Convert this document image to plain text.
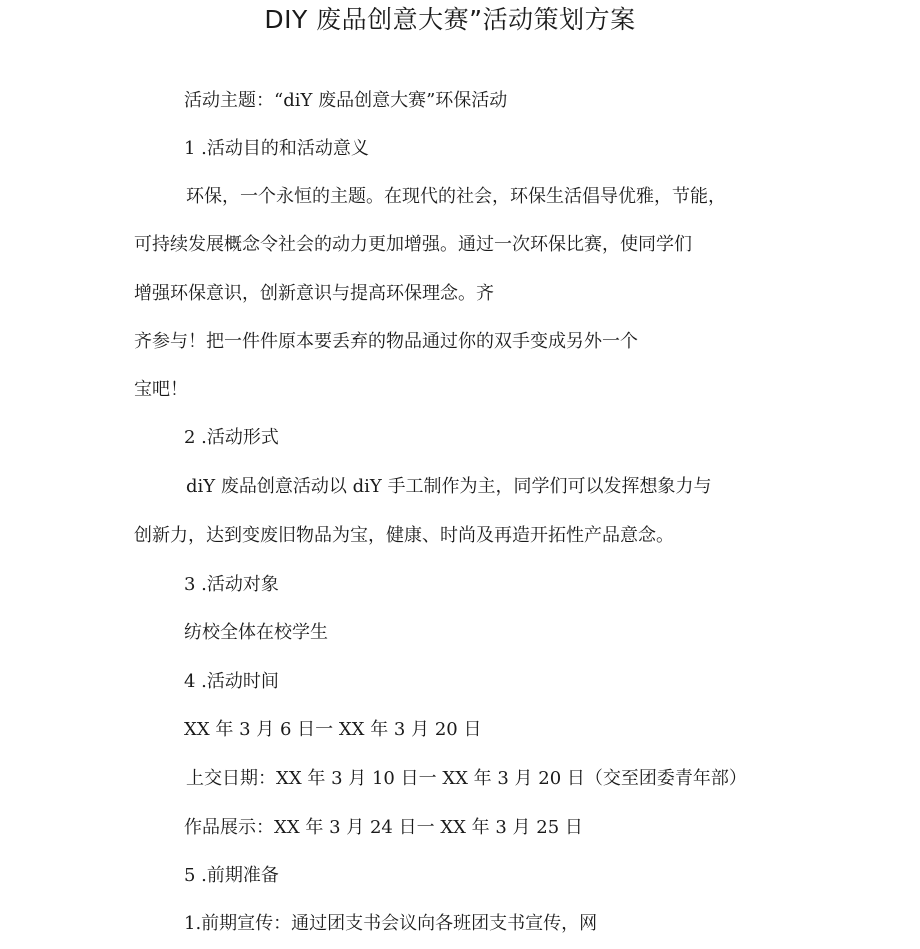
DIY 废品创意大赛”活动策划方案

活动主题：“diY 废品创意大赛”环保活动

1 .活动目的和活动意义

环保，一个永恒的主题。在现代的社会，环保生活倡导优雅，节能，

可持续发展概念令社会的动力更加增强。通过一次环保比赛，使同学们

增强环保意识，创新意识与提高环保理念。齐

齐参与！把一件件原本要丢弃的物品通过你的双手变成另外一个

宝吧！

2 .活动形式

diY 废品创意活动以 diY 手工制作为主，同学们可以发挥想象力与

创新力，达到变废旧物品为宝，健康、时尚及再造开拓性产品意念。

3 .活动对象

纺校全体在校学生

4 .活动时间

XX 年 3 月 6 日一 XX 年 3 月 20 日

上交日期：XX 年 3 月 10 日一 XX 年 3 月 20 日（交至团委青年部）

作品展示：XX 年 3 月 24 日一 XX 年 3 月 25 日

5 .前期准备

1.前期宣传：通过团支书会议向各班团支书宣传，网
